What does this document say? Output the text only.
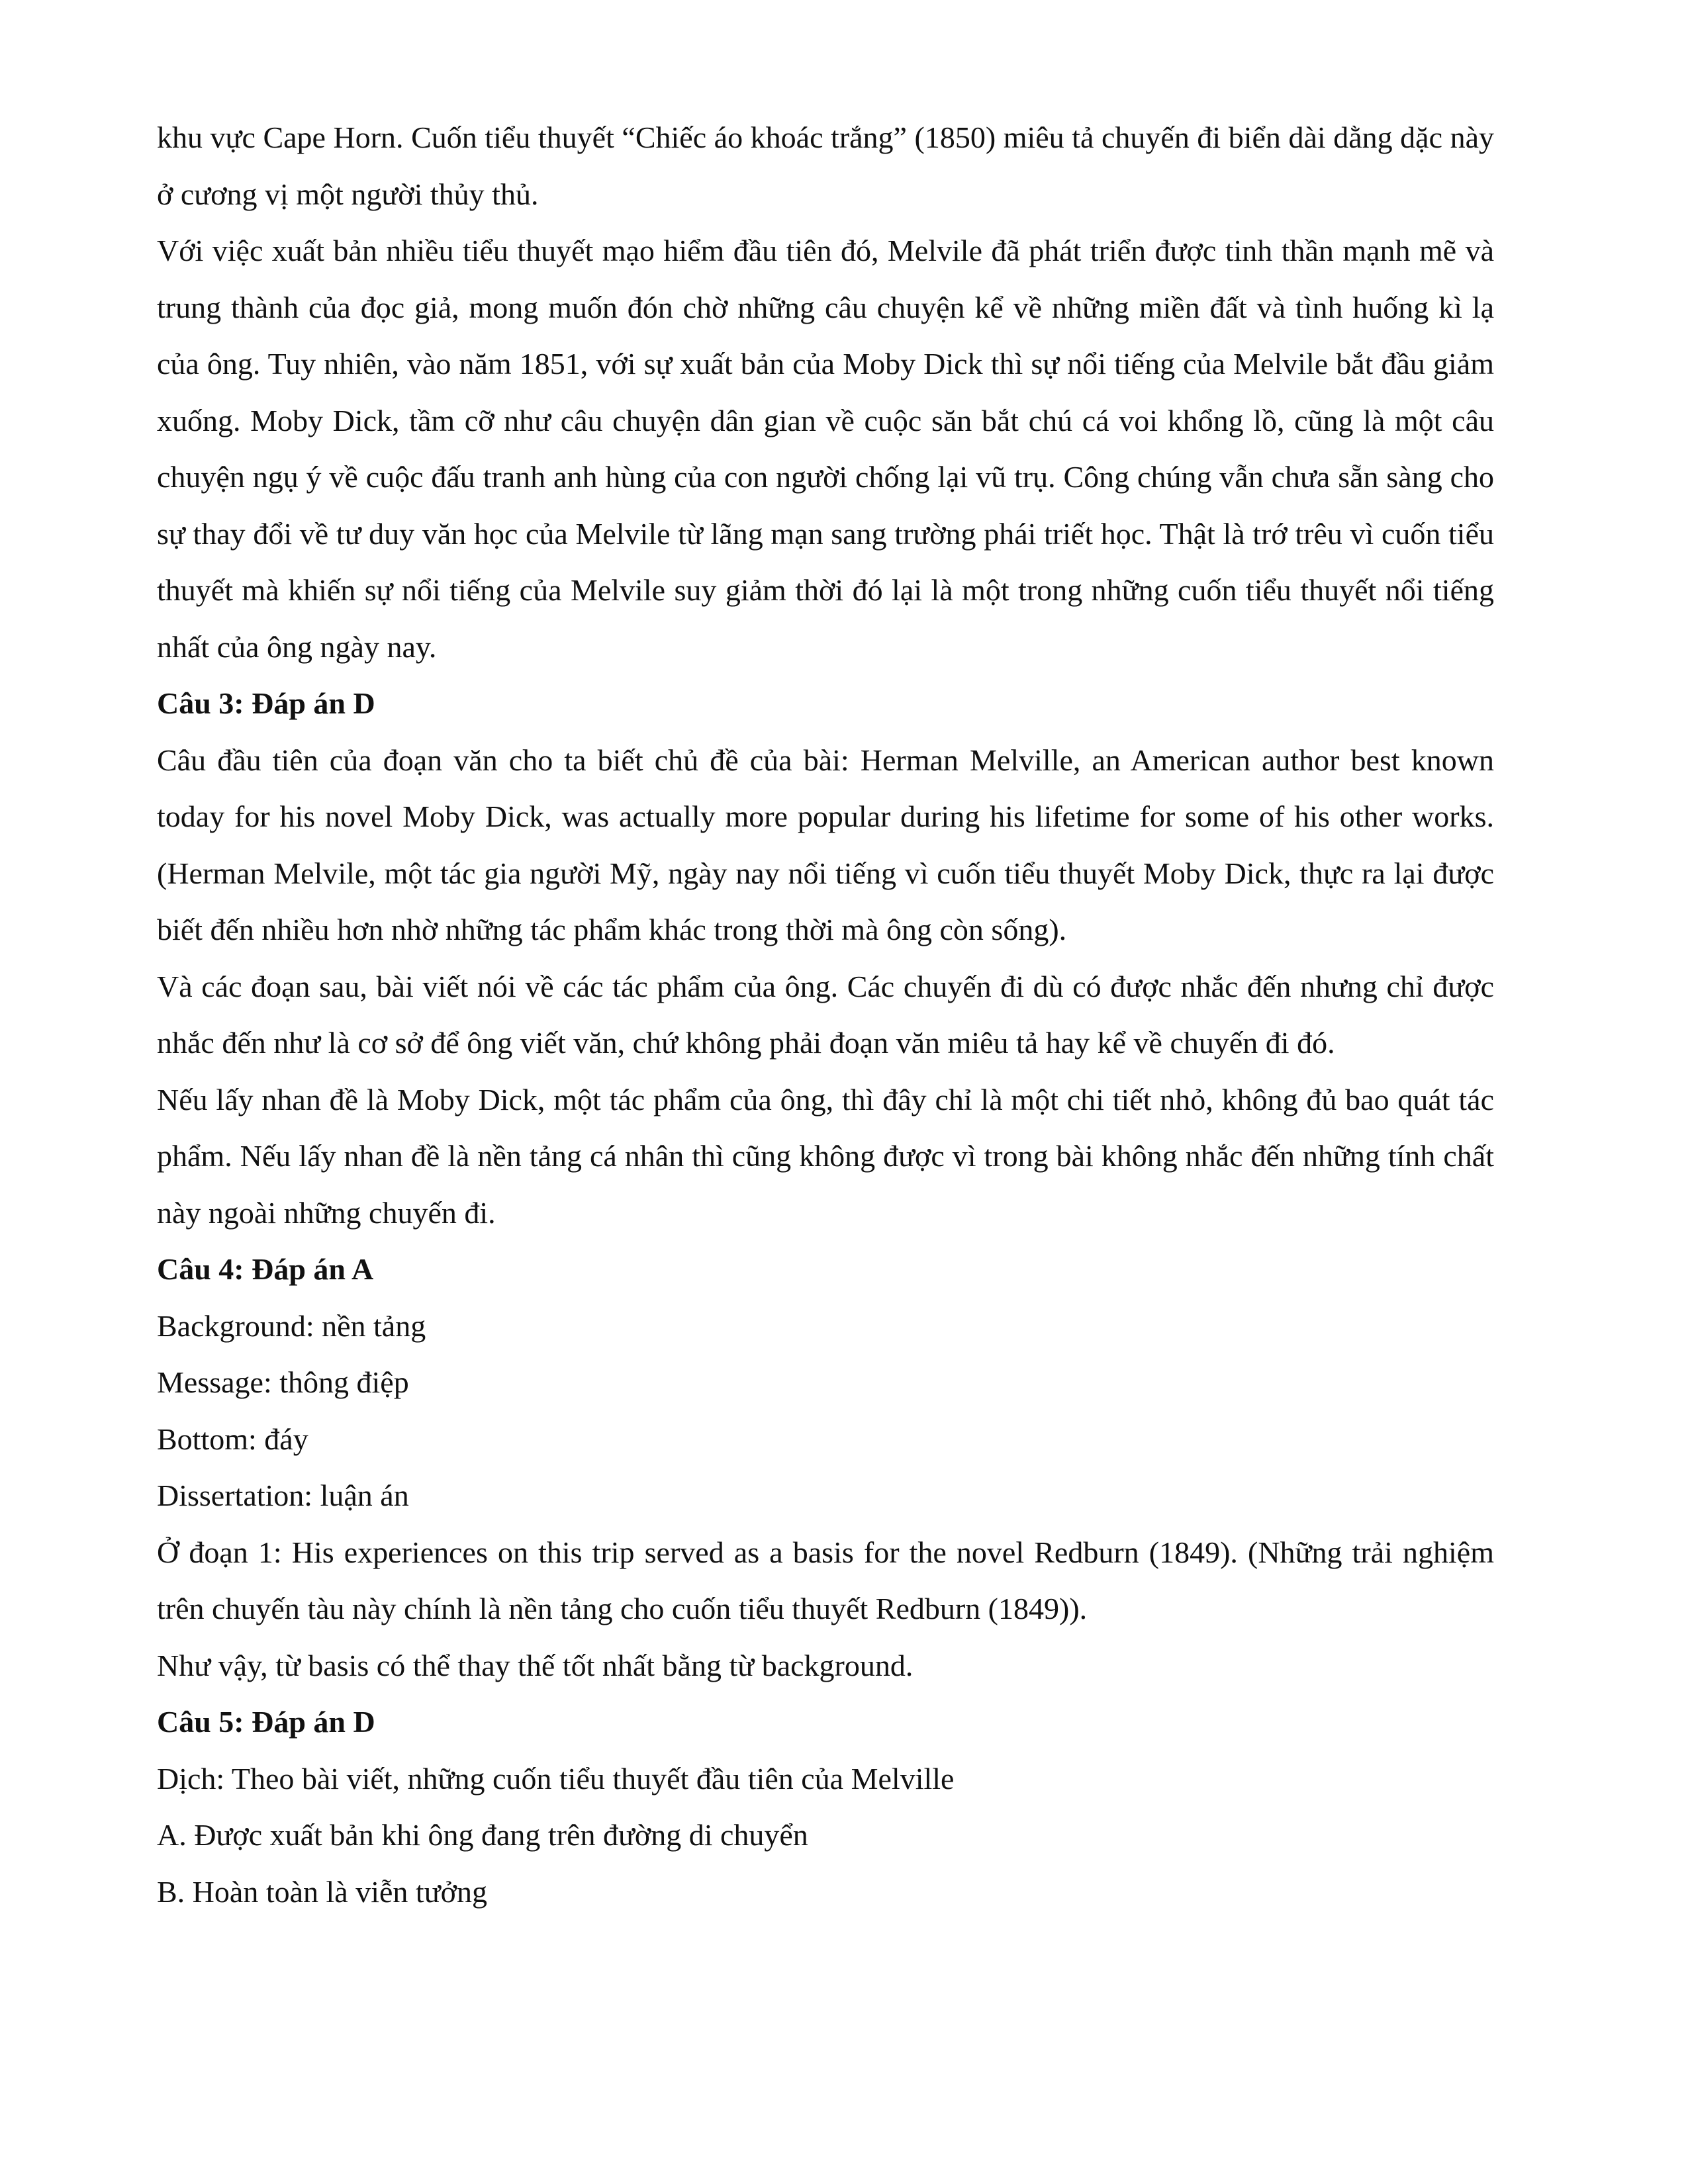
khu vực Cape Horn. Cuốn tiểu thuyết “Chiếc áo khoác trắng” (1850) miêu tả chuyến đi biển dài dằng dặc này ở cương vị một người thủy thủ.

Với việc xuất bản nhiều tiểu thuyết mạo hiểm đầu tiên đó, Melvile đã phát triển được tinh thần mạnh mẽ và trung thành của đọc giả, mong muốn đón chờ những câu chuyện kể về những miền đất và tình huống kì lạ của ông. Tuy nhiên, vào năm 1851, với sự xuất bản của Moby Dick thì sự nổi tiếng của Melvile bắt đầu giảm xuống. Moby Dick, tầm cỡ như câu chuyện dân gian về cuộc săn bắt chú cá voi khổng lồ, cũng là một câu chuyện ngụ ý về cuộc đấu tranh anh hùng của con người chống lại vũ trụ. Công chúng vẫn chưa sẵn sàng cho sự thay đổi về tư duy văn học của Melvile từ lãng mạn sang trường phái triết học. Thật là trớ trêu vì cuốn tiểu thuyết mà khiến sự nổi tiếng của Melvile suy giảm thời đó lại là một trong những cuốn tiểu thuyết nổi tiếng nhất của ông ngày nay.

Câu 3: Đáp án D

Câu đầu tiên của đoạn văn cho ta biết chủ đề của bài: Herman Melville, an American author best known today for his novel Moby Dick, was actually more popular during his lifetime for some of his other works. (Herman Melvile, một tác gia người Mỹ, ngày nay nổi tiếng vì cuốn tiểu thuyết Moby Dick, thực ra lại được biết đến nhiều hơn nhờ những tác phẩm khác trong thời mà ông còn sống).

Và các đoạn sau, bài viết nói về các tác phẩm của ông. Các chuyến đi dù có được nhắc đến nhưng chỉ được nhắc đến như là cơ sở để ông viết văn, chứ không phải đoạn văn miêu tả hay kể về chuyến đi đó.

Nếu lấy nhan đề là Moby Dick, một tác phẩm của ông, thì đây chỉ là một chi tiết nhỏ, không đủ bao quát tác phẩm. Nếu lấy nhan đề là nền tảng cá nhân thì cũng không được vì trong bài không nhắc đến những tính chất này ngoài những chuyến đi.

Câu 4: Đáp án A

Background: nền tảng

Message: thông điệp

Bottom: đáy

Dissertation: luận án

Ở đoạn 1: His experiences on this trip served as a basis for the novel Redburn (1849). (Những trải nghiệm trên chuyến tàu này chính là nền tảng cho cuốn tiểu thuyết Redburn (1849)).

Như vậy, từ basis có thể thay thế tốt nhất bằng từ background.

Câu 5: Đáp án D

Dịch: Theo bài viết, những cuốn tiểu thuyết đầu tiên của Melville

A. Được xuất bản khi ông đang trên đường di chuyển

B. Hoàn toàn là viễn tưởng
